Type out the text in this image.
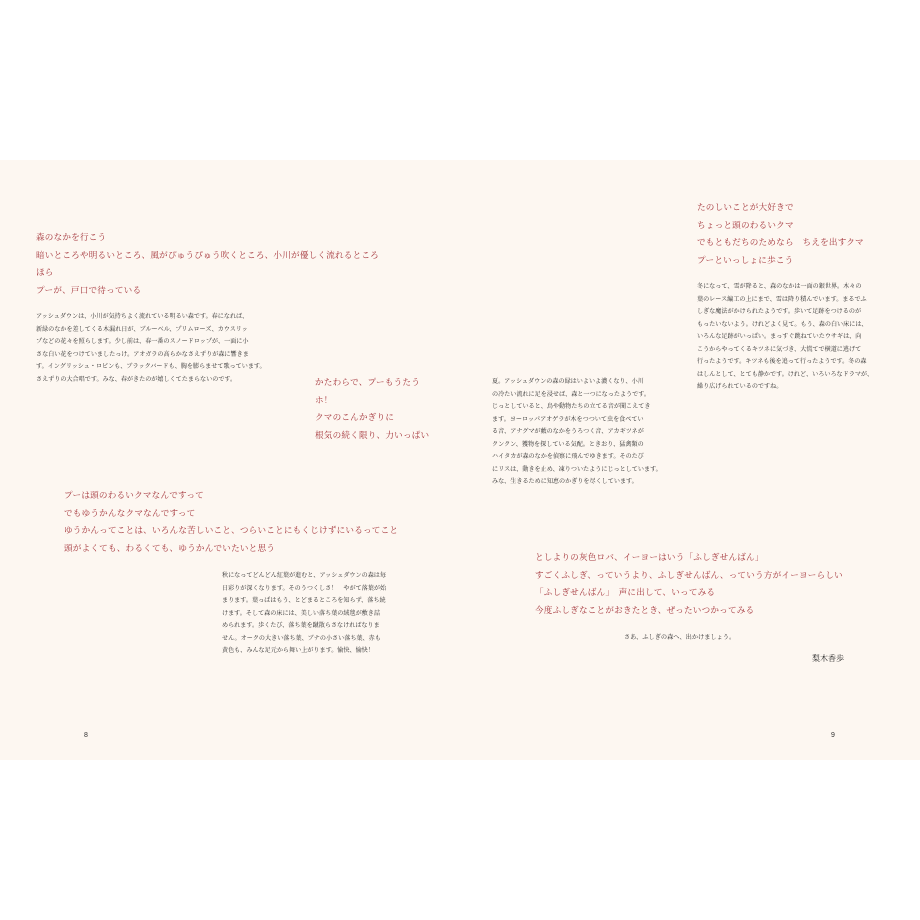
森のなかを行こう
暗いところや明るいところ、風がぴゅうぴゅう吹くところ、小川が優しく流れるところ
ほら
プーが、戸口で待っている
アッシュダウンは、小川が気持ちよく流れている明るい森です。春になれば、
新緑のなかを差してくる木漏れ日が、ブルーベル、プリムローズ、カウスリッ
プなどの花々を照らします。少し前は、春一番のスノードロップが、一面に小
さな白い花をつけていましたっけ。アオガラの高らかなさえずりが森に響きま
す。イングリッシュ・ロビンも、ブラックバードも、胸を膨らませて歌っています。
さえずりの大合唱です。みな、春がきたのが嬉しくてたまらないのです。	かたわらで、プーもうたう
ホ！
クマのこんかぎりに
根気の続く限り、力いっぱい
プーは頭のわるいクマなんですって
でもゆうかんなクマなんですって
ゆうかんってことは、いろんな苦しいこと、つらいことにもくじけずにいるってこと
頭がよくても、わるくても、ゆうかんでいたいと思う
秋になってどんどん紅葉が進むと、アッシュダウンの森は毎
日彩りが深くなります。そのうつくしさ！　やがて落葉が始
まります。葉っぱはもう、とどまるところを知らず、落ち続
けます。そして森の床には、美しい落ち葉の絨毯が敷き詰
められます。歩くたび、落ち葉を蹴散らさなければなりま
せん。オークの大きい落ち葉、ブナの小さい落ち葉、赤も
黄色も、みんな足元から舞い上がります。愉快、愉快！
夏。アッシュダウンの森の緑はいよいよ濃くなり、小川
の冷たい流れに足を浸せば、森と一つになったようです。
じっとしていると、鳥や動物たちの立てる音が聞こえてき
ます。ヨーロッパアオゲラが木をつついて虫を食べてい
る音、アナグマが藪のなかをうろつく音、アカギツネが
クンクン、獲物を探している気配。ときおり、猛禽類の
ハイタカが森のなかを偵察に飛んでゆきます。そのたび
にリスは、動きを止め、凍りついたようにじっとしています。
みな、生きるために知恵のかぎりを尽くしています。
たのしいことが大好きで
ちょっと頭のわるいクマ
でもともだちのためなら　ちえを出すクマ
プーといっしょに歩こう
冬になって、雪が降ると、森のなかは一面の銀世界。木々の
葉のレース編工の上にまで、雪は降り積んでいます。まるでふ
しぎな魔法がかけられたようです。歩いて足跡をつけるのが
もったいないよう。けれどよく見て。もう、森の白い床には、
いろんな足跡がいっぱい。まっすぐ跳ねていたウサギは、向
こうからやってくるキツネに気づき、大慌てで横道に逃げて
行ったようです。キツネも後を追って行ったようです。冬の森
はしんとして、とても静かです。けれど、いろいろなドラマが、
繰り広げられているのですね。
としよりの灰色ロバ、イーヨーはいう「ふしぎせんばん」
すごくふしぎ、っていうより、ふしぎせんばん、っていう方がイーヨーらしい
「ふしぎせんばん」　声に出して、いってみる
今度ふしぎなことがおきたとき、ぜったいつかってみる
さあ、ふしぎの森へ、出かけましょう。
梨木香歩
8	9
